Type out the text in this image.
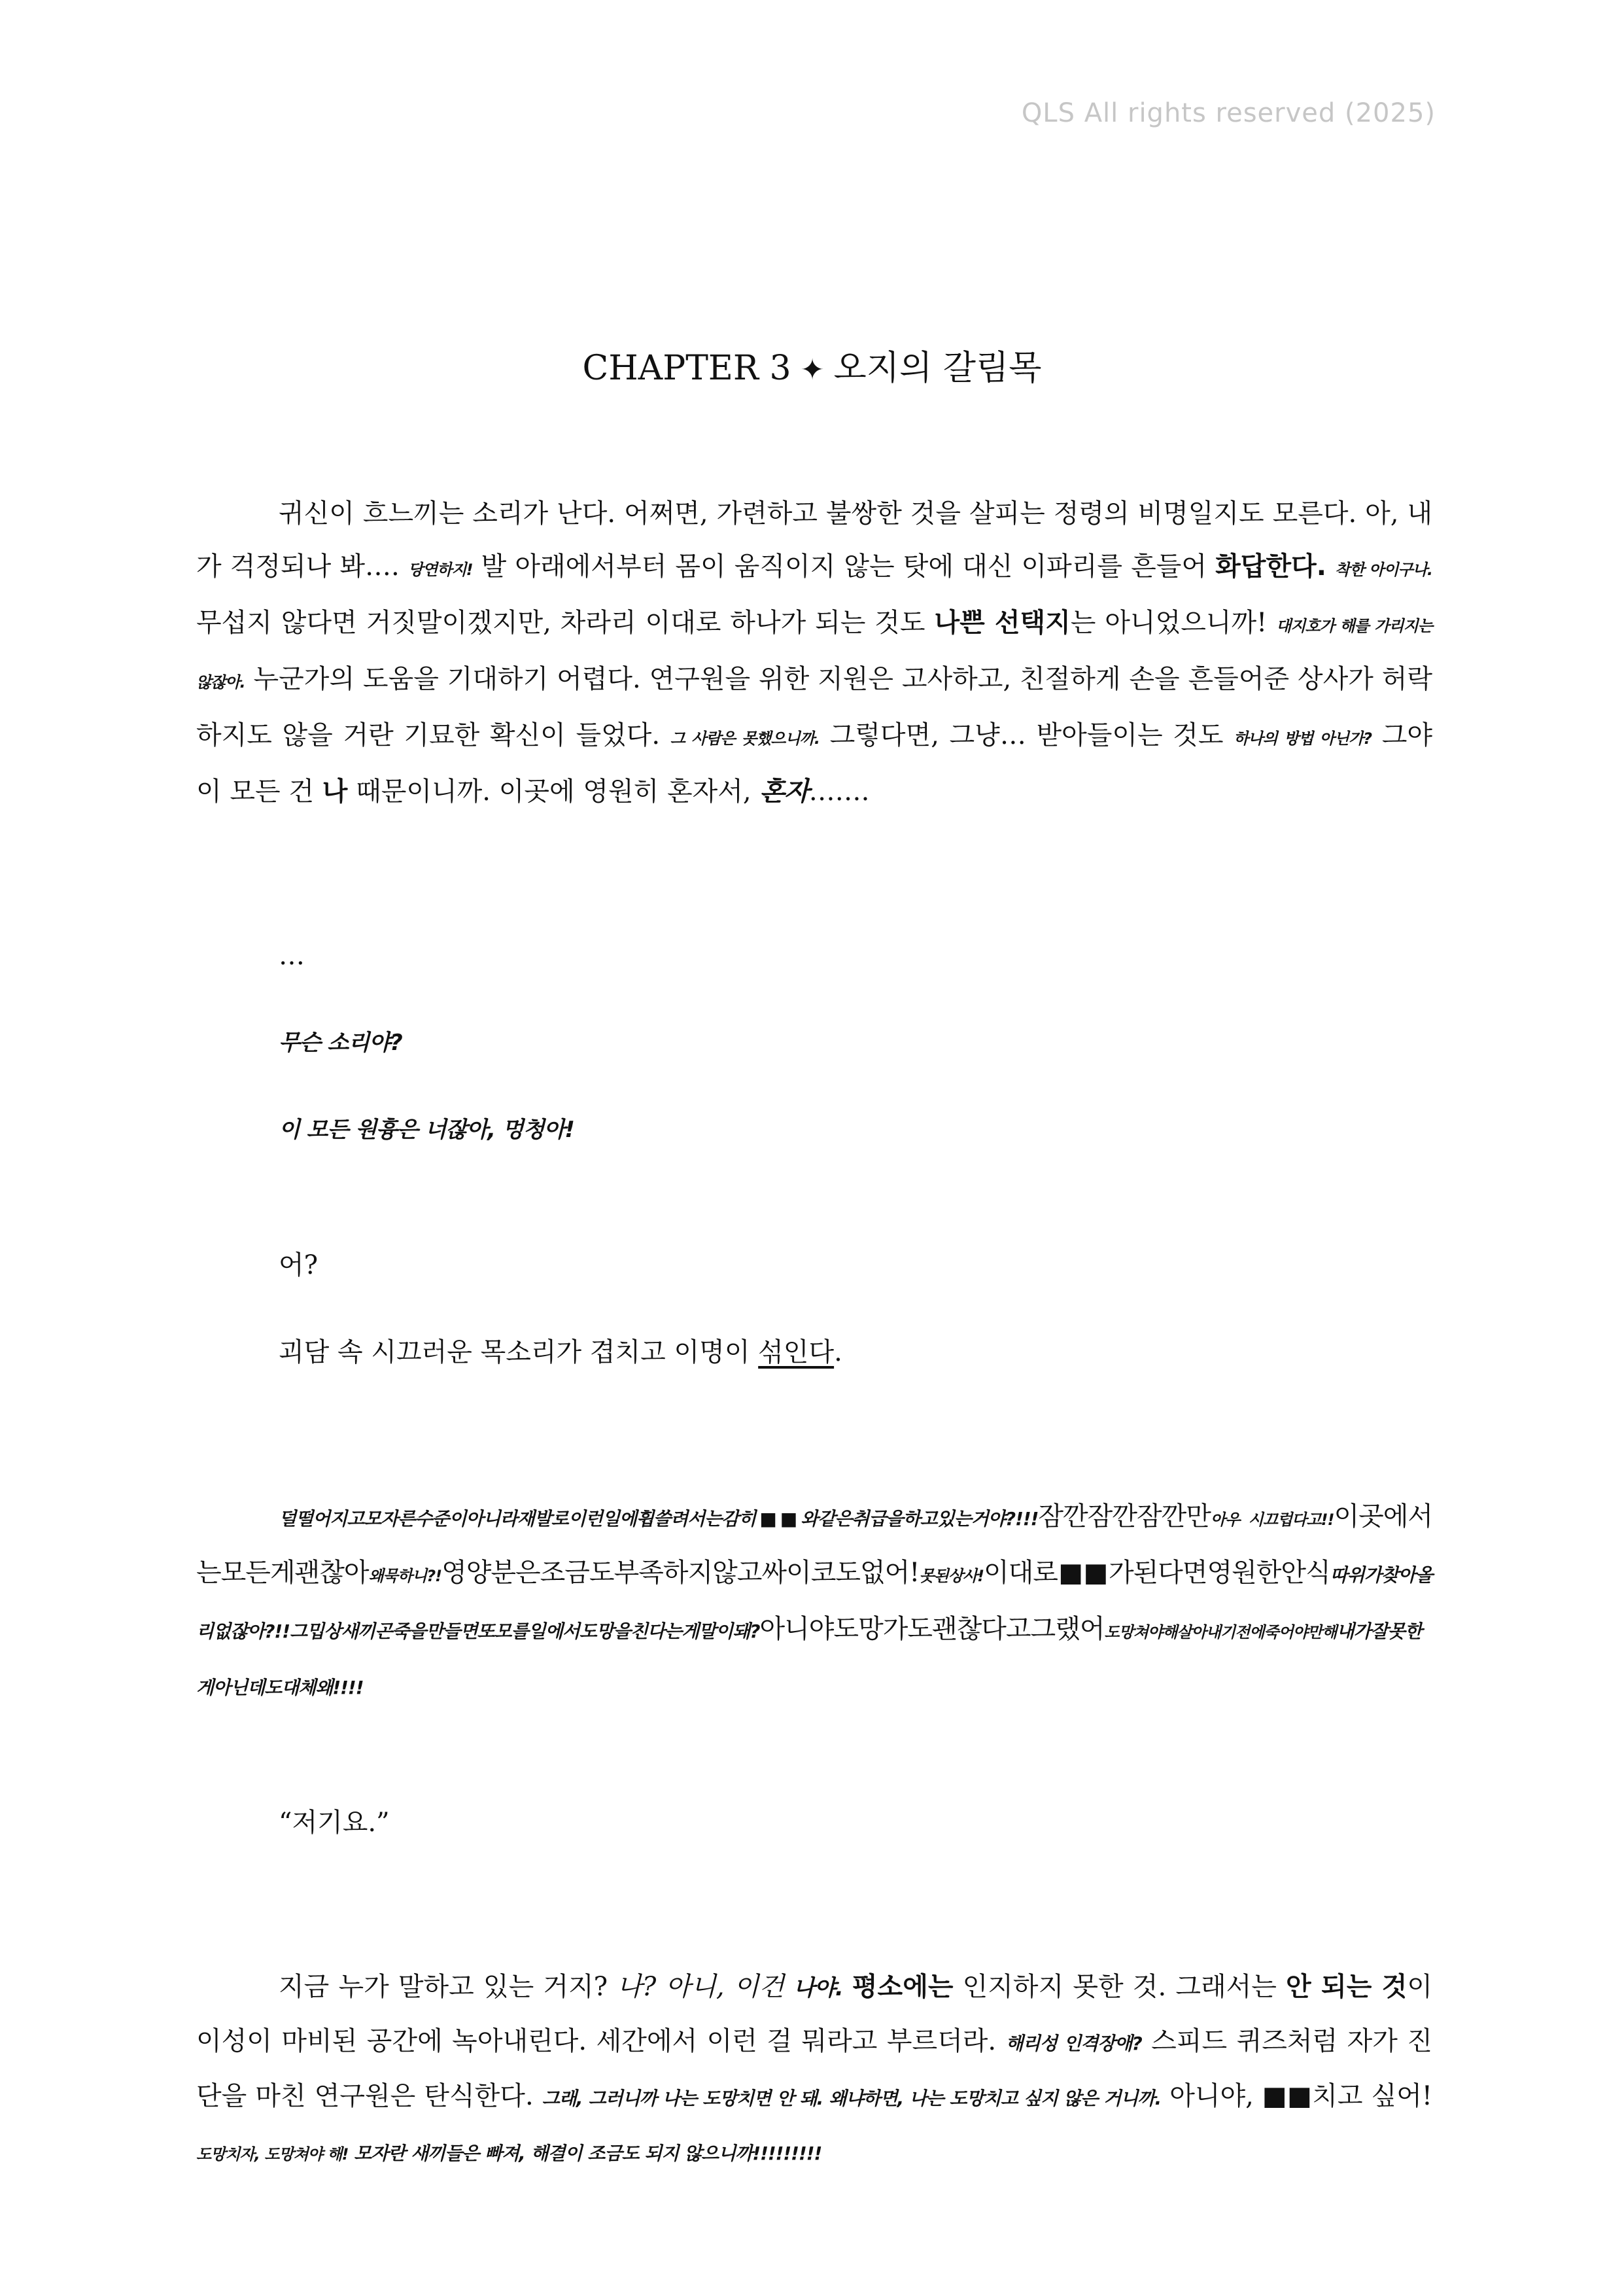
QLS All rights reserved (2025)
CHAPTER 3 ✦ 오지의 갈림목

귀신이 흐느끼는 소리가 난다. 어쩌면, 가련하고 불쌍한 것을 살피는 정령의 비명일지도 모른다. 아, 내가 걱정되나 봐…. 당연하지! 발 아래에서부터 몸이 움직이지 않는 탓에 대신 이파리를 흔들어 화답한다. 착한 아이구나. 무섭지 않다면 거짓말이겠지만, 차라리 이대로 하나가 되는 것도 나쁜 선택지는 아니었으니까! 대지호가 해를 가리지는 않잖아. 누군가의 도움을 기대하기 어렵다. 연구원을 위한 지원은 고사하고, 친절하게 손을 흔들어준 상사가 허락하지도 않을 거란 기묘한 확신이 들었다. 그 사람은 못했으니까. 그렇다면, 그냥… 받아들이는 것도 하나의 방법 아닌가? 그야 이 모든 건 나 때문이니까. 이곳에 영원히 혼자서, 혼자…….

…

무슨 소리야?

이 모든 원흉은 너잖아, 멍청아!

어?

괴담 속 시끄러운 목소리가 겹치고 이명이 섞인다.

덜떨어지고모자른수준이아니라재발로이런일에휩쓸려서는감히■■와같은취급을하고있는거야?!!!잠깐잠깐잠깐만아우 시끄럽다고!!이곳에서는모든게괜찮아왜묵하니?!영양분은조금도부족하지않고싸이코도없어!못된상사!이대로■■가된다면영원한안식따위가찾아올리없잖아?!!그밉상새끼곤죽을만들면또모를일에서도망을친다는게말이돼?아니야도망가도괜찮다고그랬어도망쳐야해살아내기전에죽어야만해내가잘못한게아닌데도대체왜!!!!

“저기요.”

지금 누가 말하고 있는 거지? 나? 아니, 이건 나야. 평소에는 인지하지 못한 것. 그래서는 안 되는 것이 이성이 마비된 공간에 녹아내린다. 세간에서 이런 걸 뭐라고 부르더라. 해리성 인격장애? 스피드 퀴즈처럼 자가 진단을 마친 연구원은 탄식한다. 그래, 그러니까 나는 도망치면 안 돼. 왜냐하면, 나는 도망치고 싶지 않은 거니까. 아니야, ■■치고 싶어! 도망치자, 도망쳐야 해! 모자란 새끼들은 빠져, 해결이 조금도 되지 않으니까!!!!!!!!!
